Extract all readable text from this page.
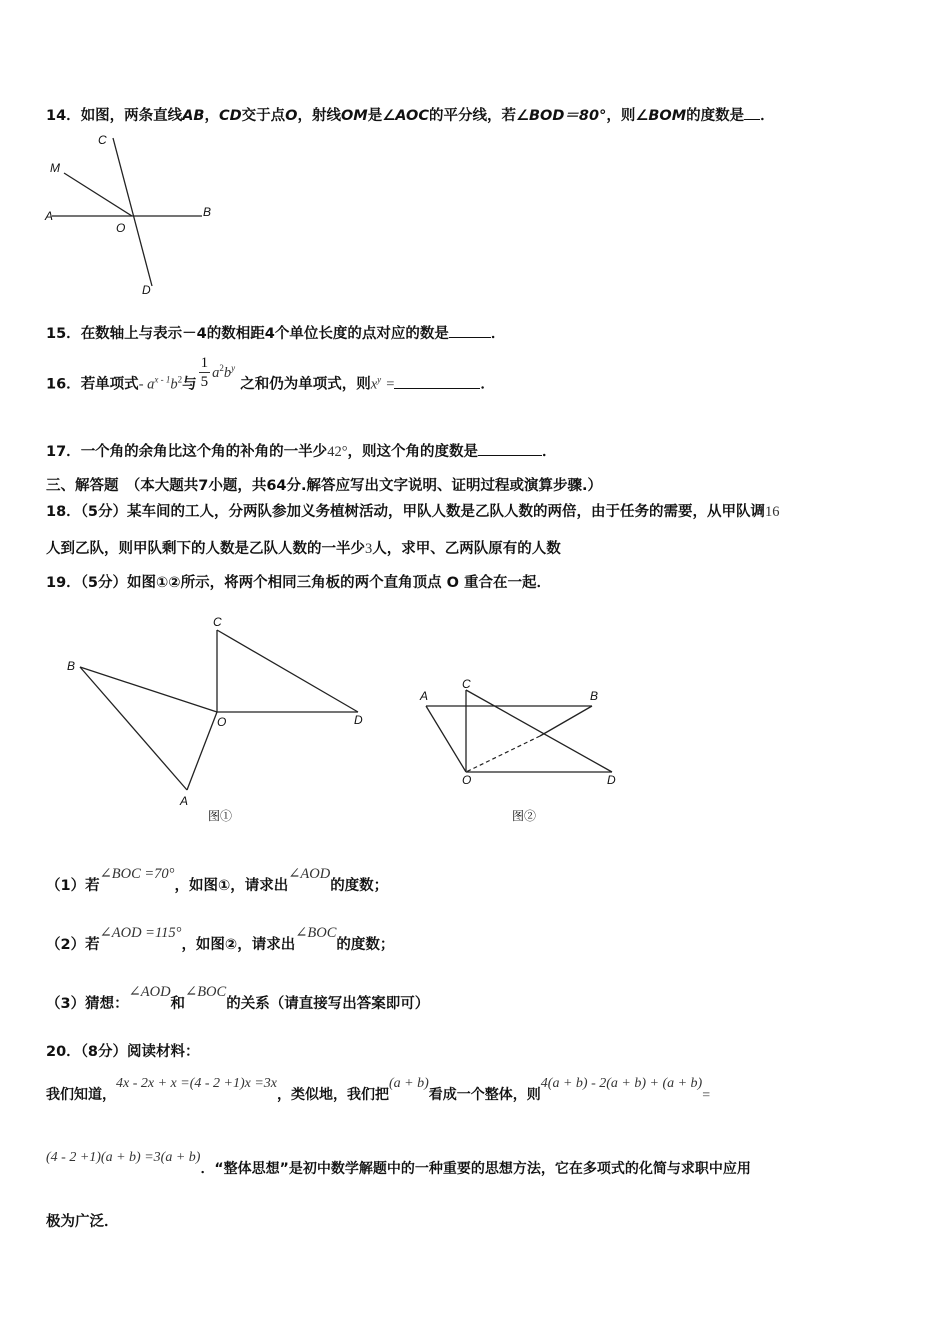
14．如图，两条直线AB，CD交于点O，射线OM是∠AOC的平分线，若∠BOD＝80°，则∠BOM的度数是 ．
C
M
A	B
O
D
15．在数轴上与表示－4的数相距4个单位长度的点对应的数是	．
16．若单项式- $a^{x - 1}b^2$与 $\frac{1}{5} a^2b^y$ 之和仍为单项式，则$x^y$ =	．
17．一个角的余角比这个角的补角的一半少42°，则这个角的度数是	．
三、解答题　（本大题共7小题，共64分.解答应写出文字说明、证明过程或演算步骤.）
18．（5分）某车间的工人，分两队参加义务植树活动，甲队人数是乙队人数的两倍，由于任务的需要，从甲队调16
人到乙队，则甲队剩下的人数是乙队人数的一半少3人，求甲、乙两队原有的人数
19．（5分）如图①②所示，将两个相同三角板的两个直角顶点 O 重合在一起．
C
B
O	D
A
图①
A
C
B
O	D
图②
（1）若∠BOC =70°，如图①，请求出∠AOD的度数；
（2）若∠AOD =115°，如图②，请求出∠BOC的度数；
（3）猜想：∠AOD和∠BOC的关系（请直接写出答案即可）
20．（8分）阅读材料：
我们知道，4x - 2x + x =(4 - 2 +1)x =3x，类似地，我们把(a + b)看成一个整体，则4(a + b) - 2(a + b) + (a + b)=
(4 - 2 +1)(a + b) =3(a + b)．“整体思想”是初中数学解题中的一种重要的思想方法，它在多项式的化简与求职中应用
极为广泛．
